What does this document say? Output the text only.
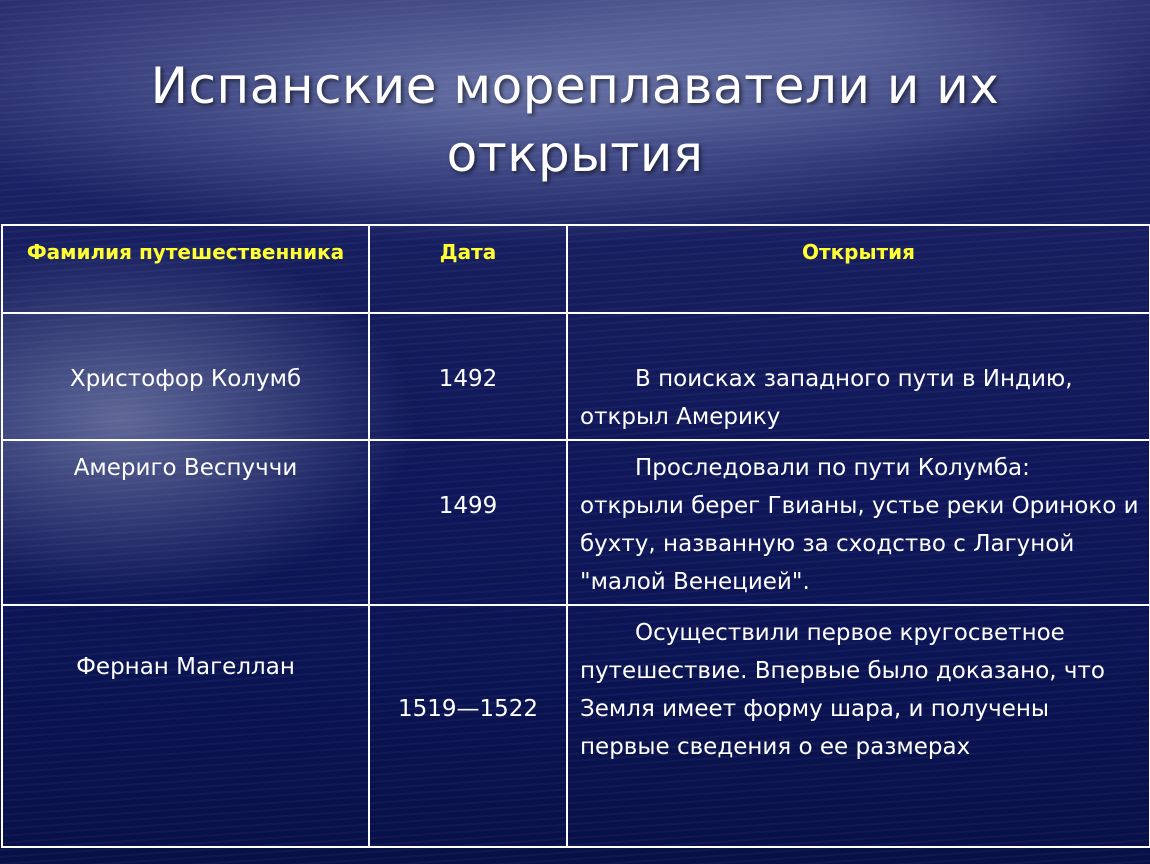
Испанские мореплаватели и их
открытия
Фамилия путешественника	Дата	Открытия
Христофор Колумб	1492	В поисках западного пути в Индию, открыл Америку

Америго Веспуччи	1499	Проследовали по пути Колумба: открыли берег Гвианы, устье реки Ориноко и бухту, названную за сходство с Лагуной "малой Венецией".

Фернан Магеллан	1519—1522	Осуществили первое кругосветное путешествие. Впервые было доказано, что Земля имеет форму шара, и получены первые сведения о ее размерах
